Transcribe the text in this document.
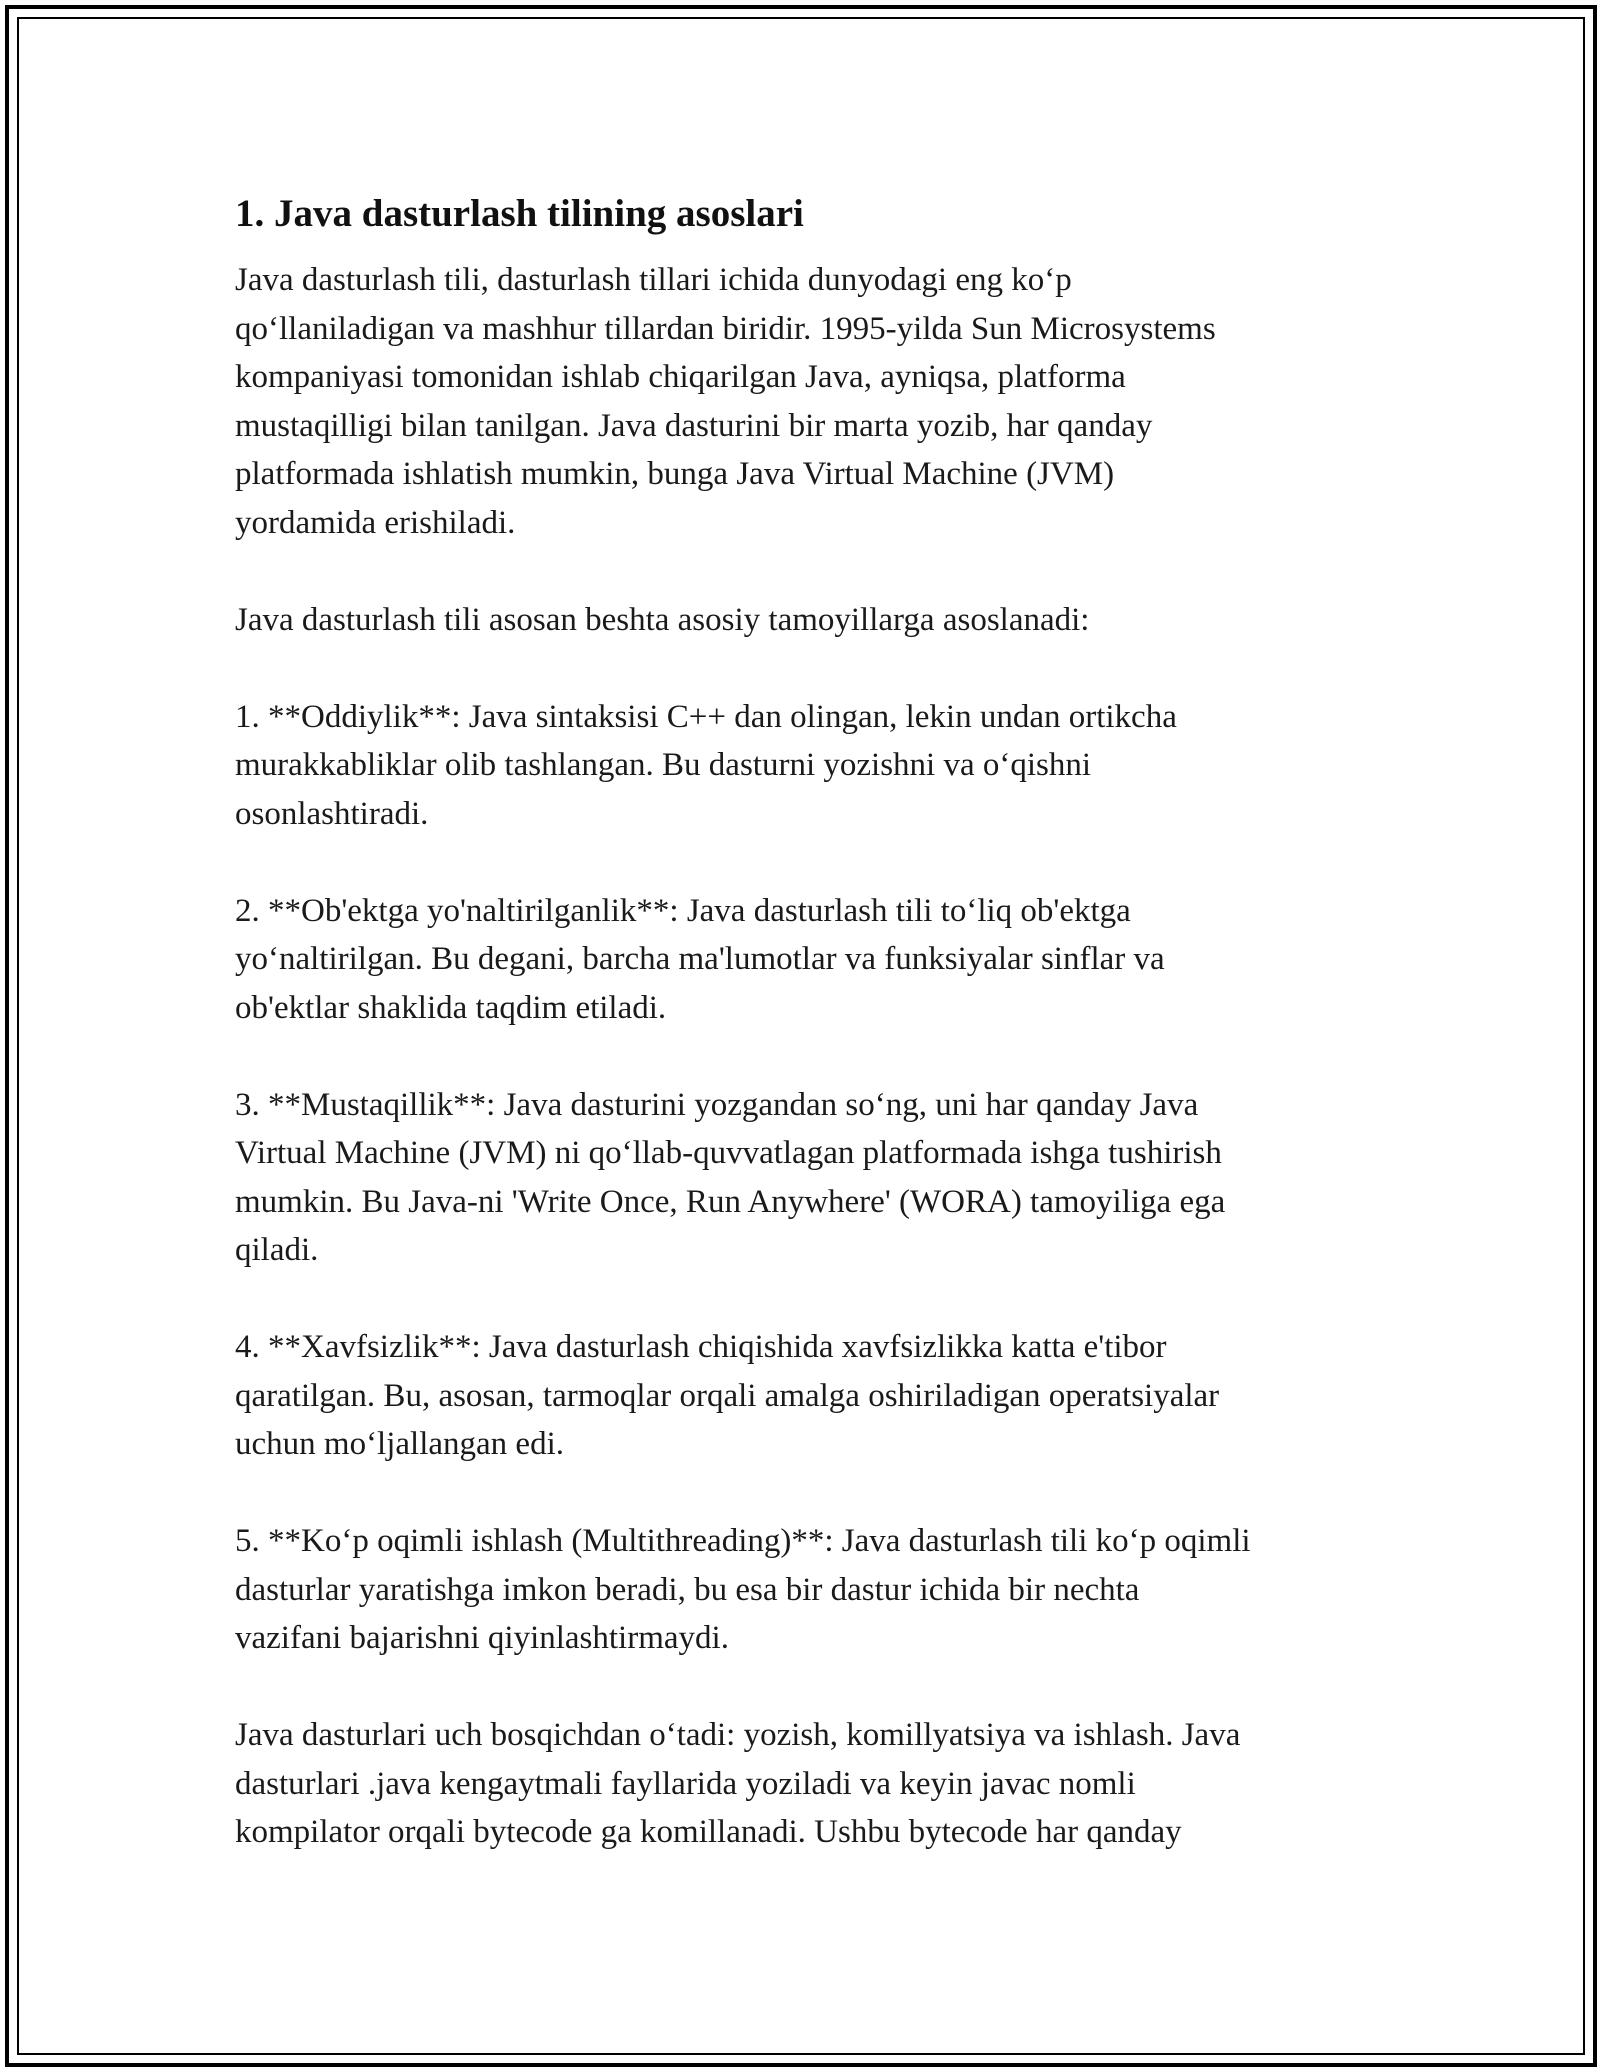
1. Java dasturlash tilining asoslari

Java dasturlash tili, dasturlash tillari ichida dunyodagi eng ko‘p
qo‘llaniladigan va mashhur tillardan biridir. 1995-yilda Sun Microsystems
kompaniyasi tomonidan ishlab chiqarilgan Java, ayniqsa, platforma
mustaqilligi bilan tanilgan. Java dasturini bir marta yozib, har qanday
platformada ishlatish mumkin, bunga Java Virtual Machine (JVM)
yordamida erishiladi.

Java dasturlash tili asosan beshta asosiy tamoyillarga asoslanadi:

1. **Oddiylik**: Java sintaksisi C++ dan olingan, lekin undan ortikcha
murakkabliklar olib tashlangan. Bu dasturni yozishni va o‘qishni
osonlashtiradi.

2. **Ob'ektga yo'naltirilganlik**: Java dasturlash tili to‘liq ob'ektga
yo‘naltirilgan. Bu degani, barcha ma'lumotlar va funksiyalar sinflar va
ob'ektlar shaklida taqdim etiladi.

3. **Mustaqillik**: Java dasturini yozgandan so‘ng, uni har qanday Java
Virtual Machine (JVM) ni qo‘llab-quvvatlagan platformada ishga tushirish
mumkin. Bu Java-ni 'Write Once, Run Anywhere' (WORA) tamoyiliga ega
qiladi.

4. **Xavfsizlik**: Java dasturlash chiqishida xavfsizlikka katta e'tibor
qaratilgan. Bu, asosan, tarmoqlar orqali amalga oshiriladigan operatsiyalar
uchun mo‘ljallangan edi.

5. **Ko‘p oqimli ishlash (Multithreading)**: Java dasturlash tili ko‘p oqimli
dasturlar yaratishga imkon beradi, bu esa bir dastur ichida bir nechta
vazifani bajarishni qiyinlashtirmaydi.

Java dasturlari uch bosqichdan o‘tadi: yozish, komillyatsiya va ishlash. Java
dasturlari .java kengaytmali fayllarida yoziladi va keyin javac nomli
kompilator orqali bytecode ga komillanadi. Ushbu bytecode har qanday
